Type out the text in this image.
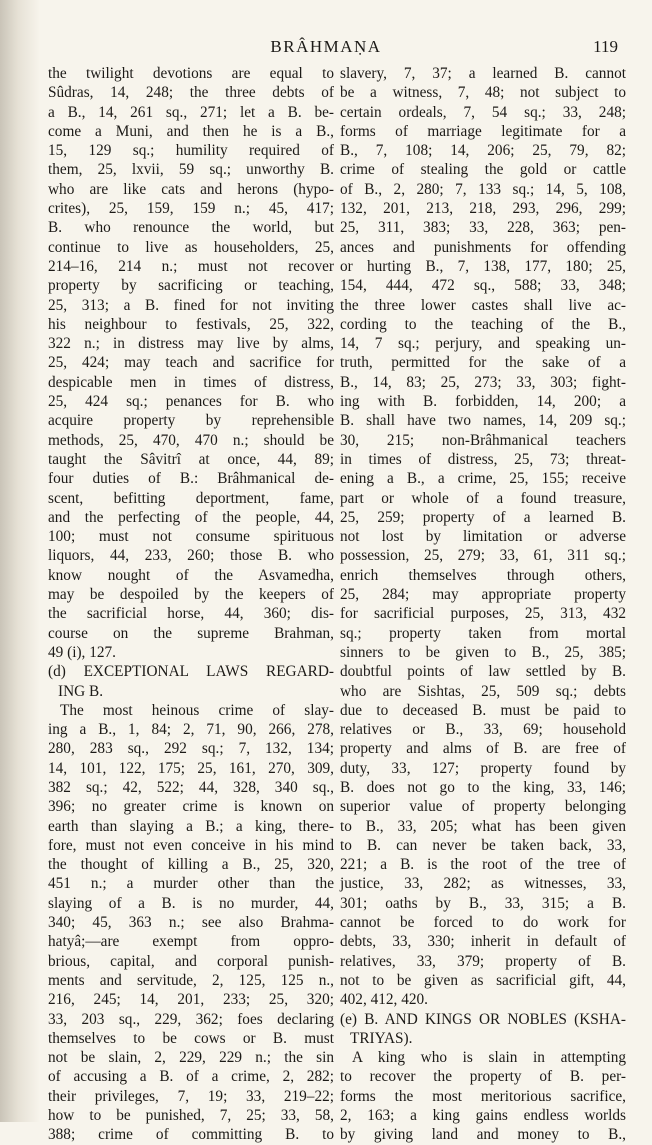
BRÂHMAṆA	119
the twilight devotions are equal to
Sûdras, 14, 248; the three debts of
a B., 14, 261 sq., 271; let a B. be-
come a Muni, and then he is a B.,
15, 129 sq.; humility required of
them, 25, lxvii, 59 sq.; unworthy B.
who are like cats and herons (hypo-
crites), 25, 159, 159 n.; 45, 417;
B. who renounce the world, but
continue to live as householders, 25,
214–16, 214 n.; must not recover
property by sacrificing or teaching,
25, 313; a B. fined for not inviting
his neighbour to festivals, 25, 322,
322 n.; in distress may live by alms,
25, 424; may teach and sacrifice for
despicable men in times of distress,
25, 424 sq.; penances for B. who
acquire property by reprehensible
methods, 25, 470, 470 n.; should be
taught the Sâvitrî at once, 44, 89;
four duties of B.: Brâhmanical de-
scent, befitting deportment, fame,
and the perfecting of the people, 44,
100; must not consume spirituous
liquors, 44, 233, 260; those B. who
know nought of the Asvamedha,
may be despoiled by the keepers of
the sacrificial horse, 44, 360; dis-
course on the supreme Brahman,
49 (i), 127.
(d) EXCEPTIONAL LAWS REGARD-
ING B.
The most heinous crime of slay-
ing a B., 1, 84; 2, 71, 90, 266, 278,
280, 283 sq., 292 sq.; 7, 132, 134;
14, 101, 122, 175; 25, 161, 270, 309,
382 sq.; 42, 522; 44, 328, 340 sq.,
396; no greater crime is known on
earth than slaying a B.; a king, there-
fore, must not even conceive in his mind
the thought of killing a B., 25, 320,
451 n.; a murder other than the
slaying of a B. is no murder, 44,
340; 45, 363 n.; see also Brahma-
hatyâ;—are exempt from oppro-
brious, capital, and corporal punish-
ments and servitude, 2, 125, 125 n.,
216, 245; 14, 201, 233; 25, 320;
33, 203 sq., 229, 362; foes declaring
themselves to be cows or B. must
not be slain, 2, 229, 229 n.; the sin
of accusing a B. of a crime, 2, 282;
their privileges, 7, 19; 33, 219–22;
how to be punished, 7, 25; 33, 58,
388; crime of committing B. to
slavery, 7, 37; a learned B. cannot
be a witness, 7, 48; not subject to
certain ordeals, 7, 54 sq.; 33, 248;
forms of marriage legitimate for a
B., 7, 108; 14, 206; 25, 79, 82;
crime of stealing the gold or cattle
of B., 2, 280; 7, 133 sq.; 14, 5, 108,
132, 201, 213, 218, 293, 296, 299;
25, 311, 383; 33, 228, 363; pen-
ances and punishments for offending
or hurting B., 7, 138, 177, 180; 25,
154, 444, 472 sq., 588; 33, 348;
the three lower castes shall live ac-
cording to the teaching of the B.,
14, 7 sq.; perjury, and speaking un-
truth, permitted for the sake of a
B., 14, 83; 25, 273; 33, 303; fight-
ing with B. forbidden, 14, 200; a
B. shall have two names, 14, 209 sq.;
30, 215; non-Brâhmanical teachers
in times of distress, 25, 73; threat-
ening a B., a crime, 25, 155; receive
part or whole of a found treasure,
25, 259; property of a learned B.
not lost by limitation or adverse
possession, 25, 279; 33, 61, 311 sq.;
enrich themselves through others,
25, 284; may appropriate property
for sacrificial purposes, 25, 313, 432
sq.; property taken from mortal
sinners to be given to B., 25, 385;
doubtful points of law settled by B.
who are Sishtas, 25, 509 sq.; debts
due to deceased B. must be paid to
relatives or B., 33, 69; household
property and alms of B. are free of
duty, 33, 127; property found by
B. does not go to the king, 33, 146;
superior value of property belonging
to B., 33, 205; what has been given
to B. can never be taken back, 33,
221; a B. is the root of the tree of
justice, 33, 282; as witnesses, 33,
301; oaths by B., 33, 315; a B.
cannot be forced to do work for
debts, 33, 330; inherit in default of
relatives, 33, 379; property of B.
not to be given as sacrificial gift, 44,
402, 412, 420.
(e) B. AND KINGS OR NOBLES (KSHA-
TRIYAS).
A king who is slain in attempting
to recover the property of B. per-
forms the most meritorious sacrifice,
2, 163; a king gains endless worlds
by giving land and money to B.,
